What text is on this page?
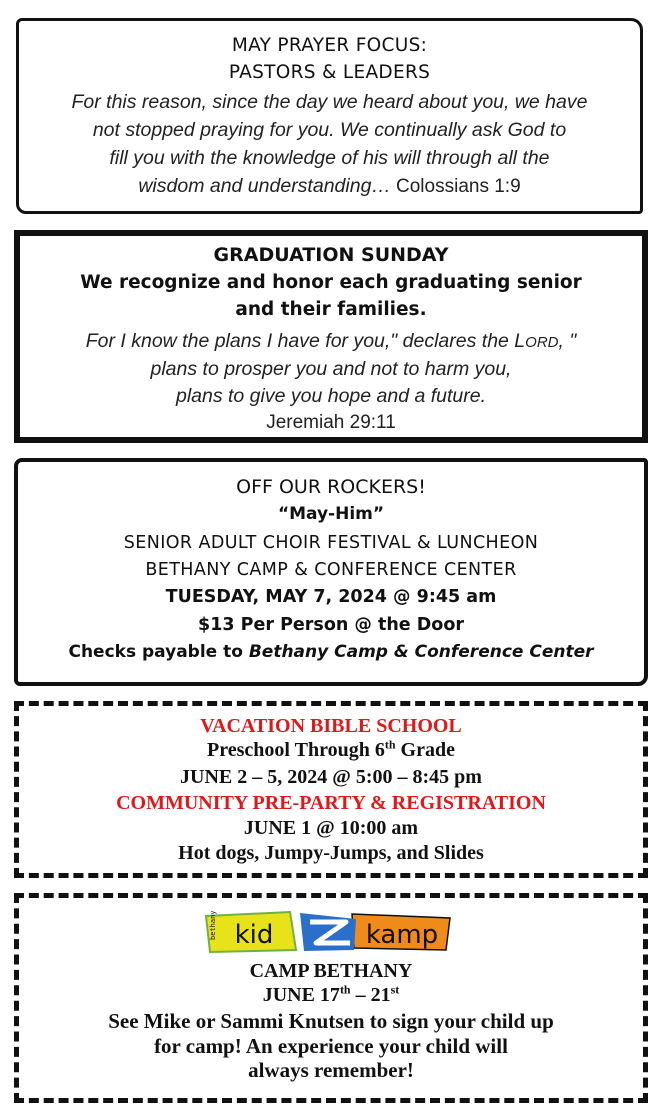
MAY PRAYER FOCUS:
PASTORS & LEADERS
For this reason, since the day we heard about you, we have
not stopped praying for you. We continually ask God to
fill you with the knowledge of his will through all the
wisdom and understanding… Colossians 1:9
GRADUATION SUNDAY
We recognize and honor each graduating senior
and their families.
For I know the plans I have for you," declares the LORD, "
plans to prosper you and not to harm you,
plans to give you hope and a future.
Jeremiah 29:11
OFF OUR ROCKERS!
“May-Him”
SENIOR ADULT CHOIR FESTIVAL & LUNCHEON
BETHANY CAMP & CONFERENCE CENTER
TUESDAY, MAY 7, 2024 @ 9:45 am
$13 Per Person @ the Door
Checks payable to Bethany Camp & Conference Center
VACATION BIBLE SCHOOL
Preschool Through 6th Grade
JUNE 2 – 5, 2024 @ 5:00 – 8:45 pm
COMMUNITY PRE-PARTY & REGISTRATION
JUNE 1 @ 10:00 am
Hot dogs, Jumpy-Jumps, and Slides
bethany kid	kamp
CAMP BETHANY
JUNE 17th – 21st
See Mike or Sammi Knutsen to sign your child up
for camp! An experience your child will
always remember!
